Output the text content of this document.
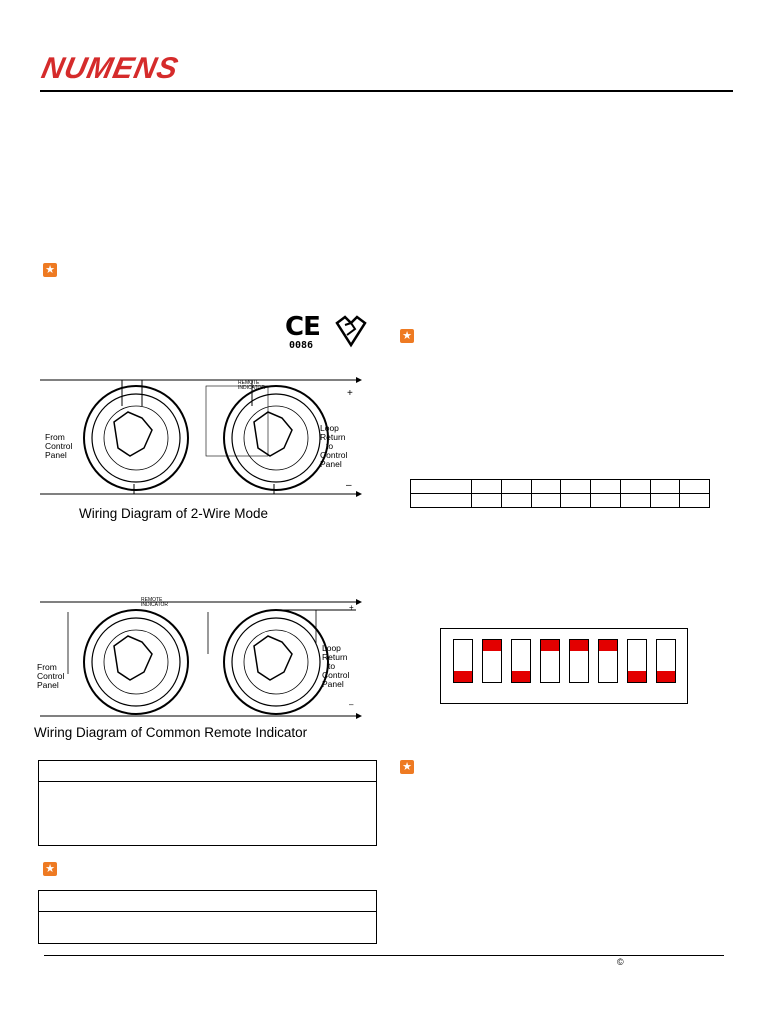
NUMENS
★
★
★
★
CE
0086
REMOTE
INDICATOR
From
Control
Panel
Loop
Return
to
Control
Panel
+
–
Wiring Diagram of 2-Wire Mode
REMOTE
INDICATOR
From
Control
Panel
Loop
Return
to
Control
Panel
+
–
Wiring Diagram of Common Remote Indicator

©
